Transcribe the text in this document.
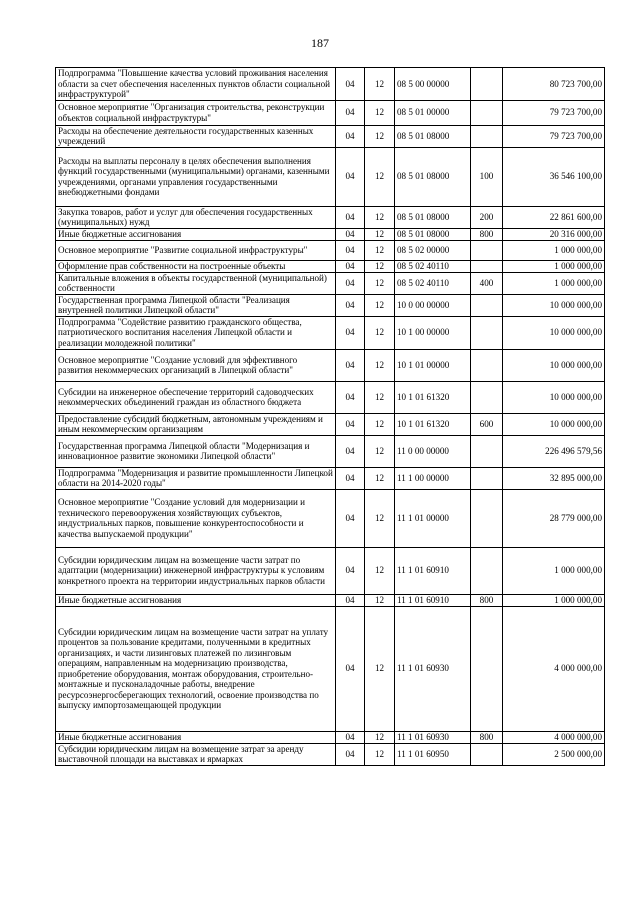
187
Подпрограмма "Повышение качества условий проживания населения области за счет обеспечения населенных пунктов области социальной инфраструктурой"	04	12	08 5 00 00000		80 723 700,00
Основное мероприятие "Организация строительства, реконструкции объектов социальной инфраструктуры"	04	12	08 5 01 00000		79 723 700,00
Расходы на обеспечение деятельности государственных казенных учреждений	04	12	08 5 01 08000		79 723 700,00
Расходы на выплаты персоналу в целях обеспечения выполнения функций государственными (муниципальными) органами, казенными учреждениями, органами управления государственными внебюджетными фондами	04	12	08 5 01 08000	100	36 546 100,00
Закупка товаров, работ и услуг для обеспечения государственных (муниципальных) нужд	04	12	08 5 01 08000	200	22 861 600,00
Иные бюджетные ассигнования	04	12	08 5 01 08000	800	20 316 000,00
Основное мероприятие "Развитие социальной инфраструктуры"	04	12	08 5 02 00000		1 000 000,00
Оформление прав собственности на построенные объекты	04	12	08 5 02 40110		1 000 000,00
Капитальные вложения в объекты государственной (муниципальной) собственности	04	12	08 5 02 40110	400	1 000 000,00
Государственная программа Липецкой области "Реализация внутренней политики Липецкой области"	04	12	10 0 00 00000		10 000 000,00
Подпрограмма "Содействие развитию гражданского общества, патриотического воспитания населения Липецкой области и реализации молодежной политики"	04	12	10 1 00 00000		10 000 000,00
Основное мероприятие "Создание условий для эффективного развития некоммерческих организаций в Липецкой области"	04	12	10 1 01 00000		10 000 000,00
Субсидии на инженерное обеспечение территорий садоводческих некоммерческих объединений граждан из областного бюджета	04	12	10 1 01 61320		10 000 000,00
Предоставление субсидий бюджетным, автономным учреждениям и иным некоммерческим организациям	04	12	10 1 01 61320	600	10 000 000,00
Государственная программа Липецкой области "Модернизация и инновационное развитие экономики Липецкой области"	04	12	11 0 00 00000		226 496 579,56
Подпрограмма "Модернизация и развитие промышленности Липецкой области на 2014-2020 годы"	04	12	11 1 00 00000		32 895 000,00
Основное мероприятие "Создание условий для модернизации и технического перевооружения хозяйствующих субъектов, индустриальных парков, повышение конкурентоспособности и качества выпускаемой продукции"	04	12	11 1 01 00000		28 779 000,00
Субсидии юридическим лицам на возмещение части затрат по адаптации (модернизации) инженерной инфраструктуры к условиям конкретного проекта на территории индустриальных парков области	04	12	11 1 01 60910		1 000 000,00
Иные бюджетные ассигнования	04	12	11 1 01 60910	800	1 000 000,00
Субсидии юридическим лицам на возмещение части затрат на уплату процентов за пользование кредитами, полученными в кредитных организациях, и части лизинговых платежей по лизинговым операциям, направленным на модернизацию производства, приобретение оборудования, монтаж оборудования, строительно-монтажные и пусконаладочные работы, внедрение ресурсоэнергосберегающих технологий, освоение производства по выпуску импортозамещающей продукции	04	12	11 1 01 60930		4 000 000,00
Иные бюджетные ассигнования	04	12	11 1 01 60930	800	4 000 000,00
Субсидии юридическим лицам на возмещение затрат за аренду выставочной площади на выставках и ярмарках	04	12	11 1 01 60950		2 500 000,00
